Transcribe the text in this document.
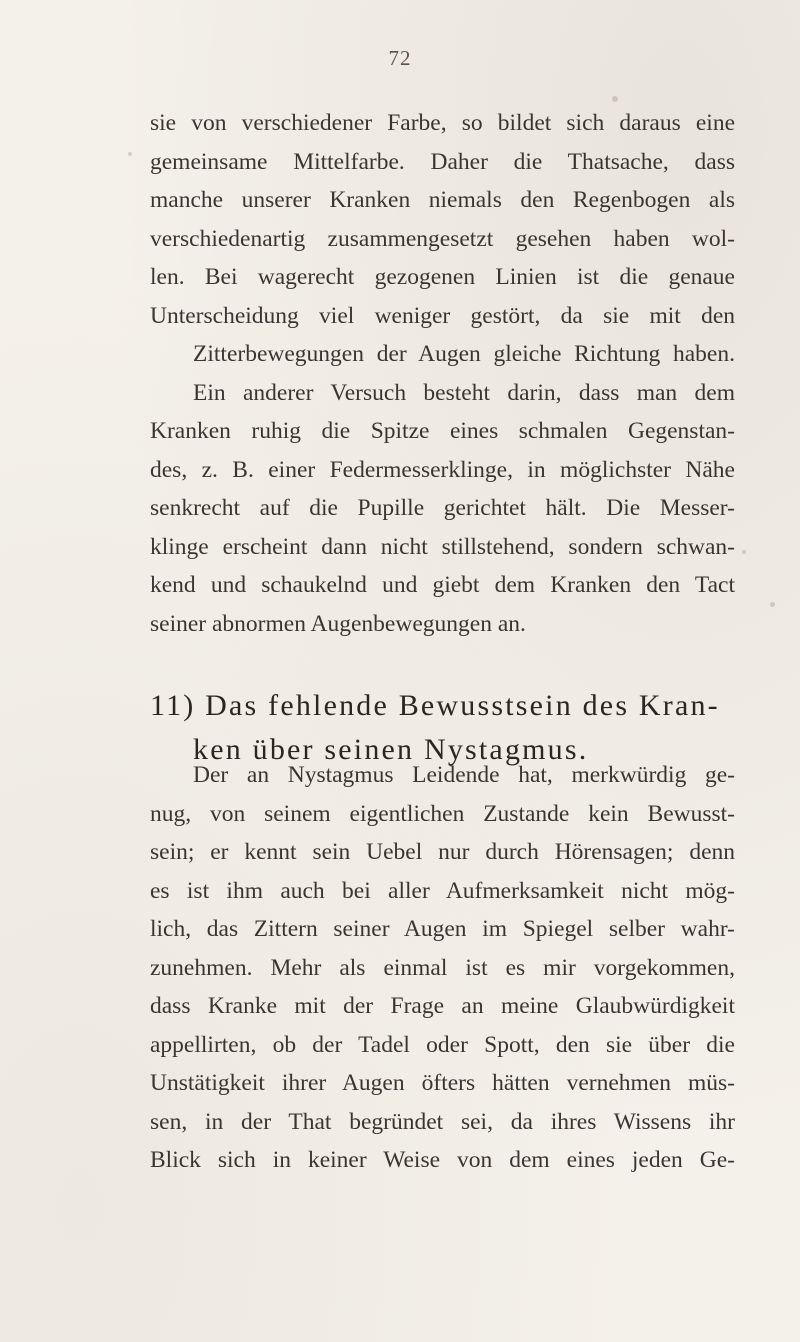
72
sie von verschiedener Farbe, so bildet sich daraus eine
gemeinsame Mittelfarbe. Daher die Thatsache, dass
manche unserer Kranken niemals den Regenbogen als
verschiedenartig zusammengesetzt gesehen haben wol-
len. Bei wagerecht gezogenen Linien ist die genaue
Unterscheidung viel weniger gestört, da sie mit den
Zitterbewegungen der Augen gleiche Richtung haben.
Ein anderer Versuch besteht darin, dass man dem
Kranken ruhig die Spitze eines schmalen Gegenstan-
des, z. B. einer Federmesserklinge, in möglichster Nähe
senkrecht auf die Pupille gerichtet hält. Die Messer-
klinge erscheint dann nicht stillstehend, sondern schwan-
kend und schaukelnd und giebt dem Kranken den Tact
seiner abnormen Augenbewegungen an.
11) Das fehlende Bewusstsein des Kran-
ken über seinen Nystagmus.
Der an Nystagmus Leidende hat, merkwürdig ge-
nug, von seinem eigentlichen Zustande kein Bewusst-
sein; er kennt sein Uebel nur durch Hörensagen; denn
es ist ihm auch bei aller Aufmerksamkeit nicht mög-
lich, das Zittern seiner Augen im Spiegel selber wahr-
zunehmen. Mehr als einmal ist es mir vorgekommen,
dass Kranke mit der Frage an meine Glaubwürdigkeit
appellirten, ob der Tadel oder Spott, den sie über die
Unstätigkeit ihrer Augen öfters hätten vernehmen müs-
sen, in der That begründet sei, da ihres Wissens ihr
Blick sich in keiner Weise von dem eines jeden Ge-
